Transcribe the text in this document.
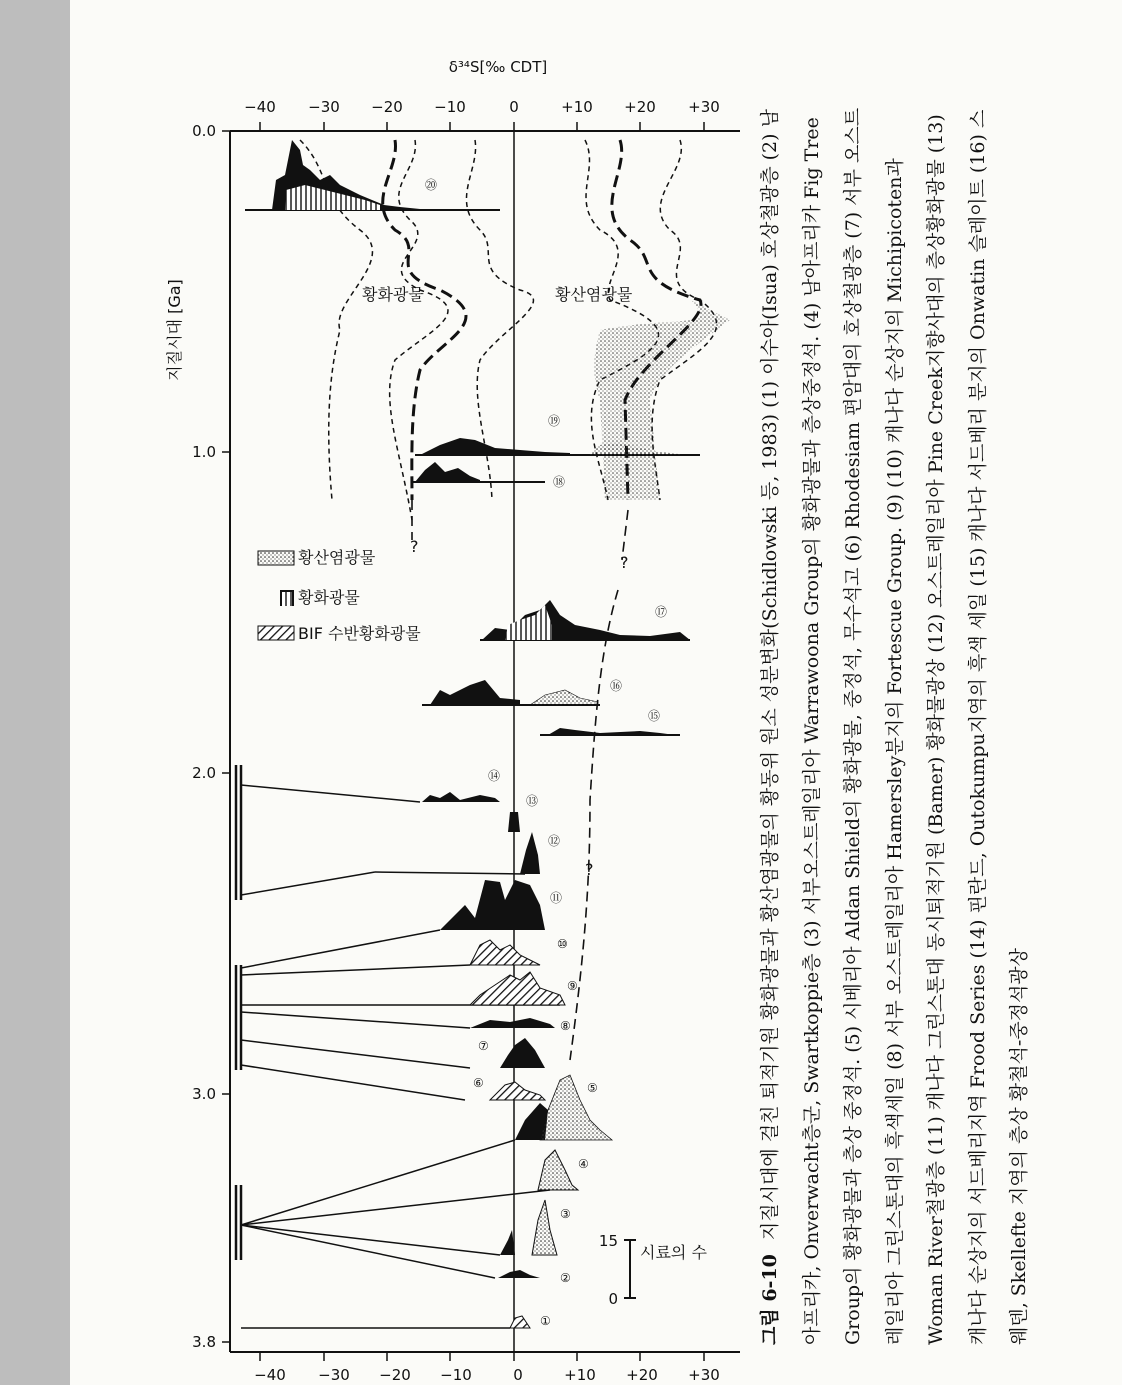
δ³⁴S[‰ CDT]
−40 −30 −20 −10	0	+10 +20 +30
−40 −30 −20 −10	0	+10 +20 +30
0.0
1.0
2.0
3.0
3.8
지질시대 [Ga]	황화광물	황산염광물
?
?
?
⑳
⑲
⑱
황산염광물
황화광물
BIF 수반황화광물
⑰
⑯
⑮
⑭
⑬
⑫
⑪
⑩
⑨
⑧
⑦
⑥	⑤
④
③
②
①
15
0
시료의 수
그림 6-10 지질시대에 걸친 퇴적기원 황화광물과 황산염광물의 황동위 원소 성분변화(Schidlowski 등, 1983) (1) 이수아(Isua) 호상철광층 (2) 남아프리카, Onverwacht층군, Swartkoppie층 (3) 서부오스트레일리아 Warrawoona Group의 황화광물과 층상중정석. (4) 남아프리카 Fig Tree Group의 황화광물과 층상 중정석. (5) 시베리아 Aldan Shield의 황화광물, 중정석, 무수석고 (6) Rhodesiam 편암대의 호상철광층 (7) 서부 오스트레일리아 그린스톤대의 흑색세일 (8) 서부 오스트레일리아 Hamersley분지의 Fortescue Group. (9) (10) 캐나다 순상지의 Michipicoten과 Woman River철광층 (11) 캐나다 그린스톤대 동시퇴적기원 (Bamer) 황화물광상 (12) 오스트레일리아 Pine Creek지향사대의 층상황화광물 (13) 캐나다 순상지의 서드베리지역 Frood Series (14) 핀란드, Outokumpu지역의 흑색 세일 (15) 캐나다 서드베리 분지의 Onwatin 슬레이트 (16) 스웨덴, Skellefte 지역의 층상 황철석-중정석광상
